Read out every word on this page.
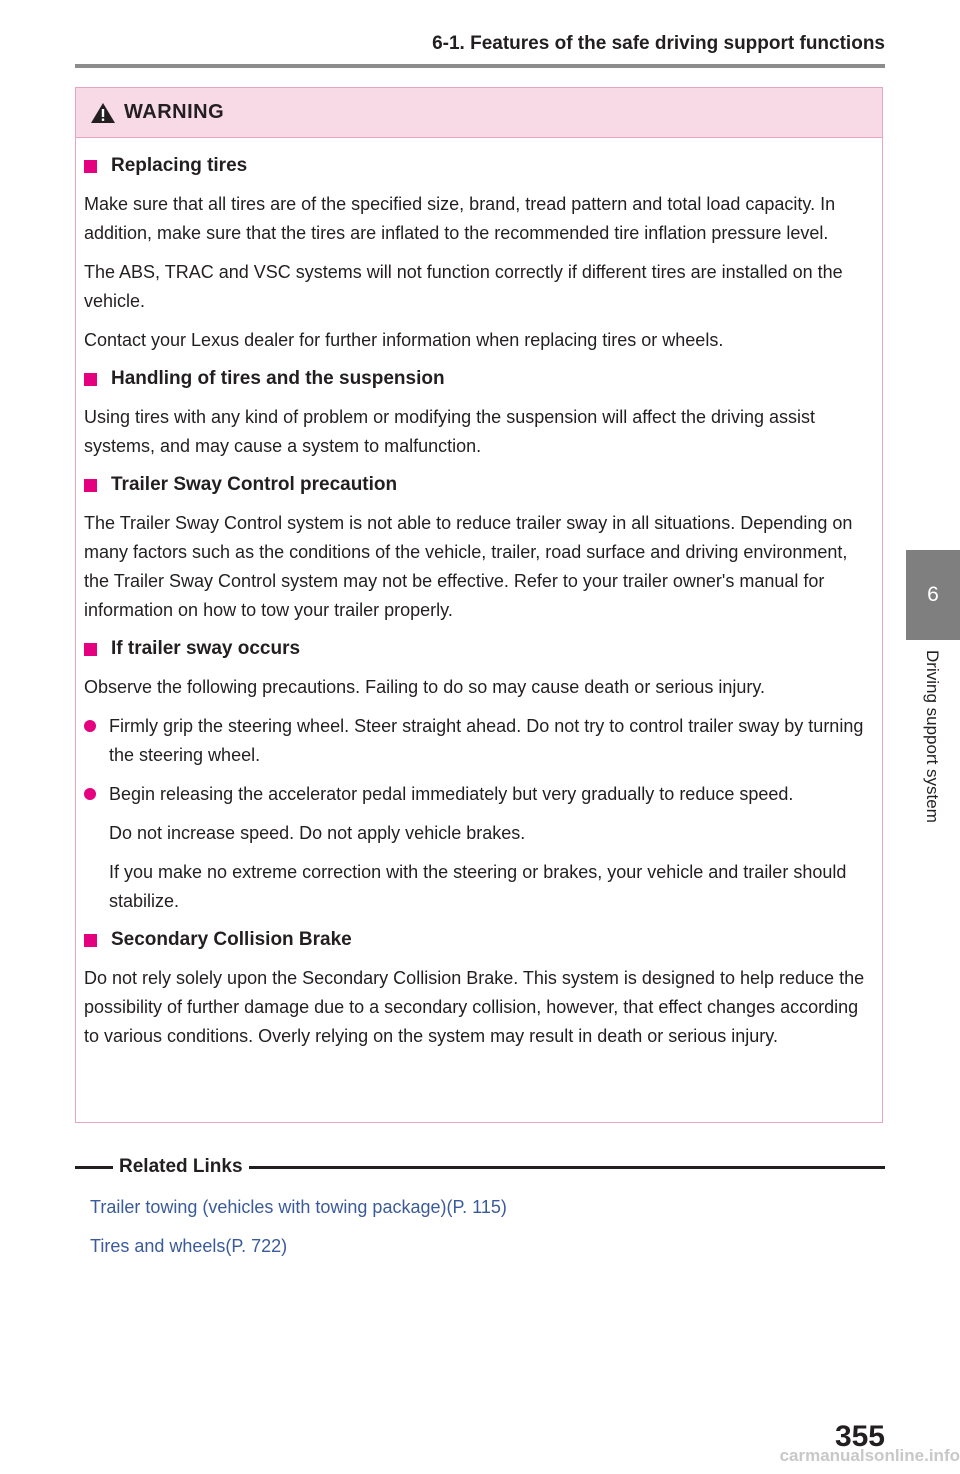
6-1. Features of the safe driving support functions
6
Driving support system
WARNING
Replacing tires

Make sure that all tires are of the specified size, brand, tread pattern and total load capacity. In addition, make sure that the tires are inflated to the recommended tire inflation pressure level.

The ABS, TRAC and VSC systems will not function correctly if different tires are installed on the vehicle.

Contact your Lexus dealer for further information when replacing tires or wheels.

Handling of tires and the suspension

Using tires with any kind of problem or modifying the suspension will affect the driving assist systems, and may cause a system to malfunction.

Trailer Sway Control precaution

The Trailer Sway Control system is not able to reduce trailer sway in all situations. Depending on many factors such as the conditions of the vehicle, trailer, road surface and driving environment, the Trailer Sway Control system may not be effective. Refer to your trailer owner's manual for information on how to tow your trailer properly.

If trailer sway occurs

Observe the following precautions. Failing to do so may cause death or serious injury.

Firmly grip the steering wheel. Steer straight ahead. Do not try to control trailer sway by turning the steering wheel.
Begin releasing the accelerator pedal immediately but very gradually to reduce speed.

Do not increase speed. Do not apply vehicle brakes.

If you make no extreme correction with the steering or brakes, your vehicle and trailer should stabilize.

Secondary Collision Brake

Do not rely solely upon the Secondary Collision Brake. This system is designed to help reduce the possibility of further damage due to a secondary collision, however, that effect changes according to various conditions. Overly relying on the system may result in death or serious injury.

Related Links
Trailer towing (vehicles with towing package)(P. 115)
Tires and wheels(P. 722)
355
carmanualsonline.info
